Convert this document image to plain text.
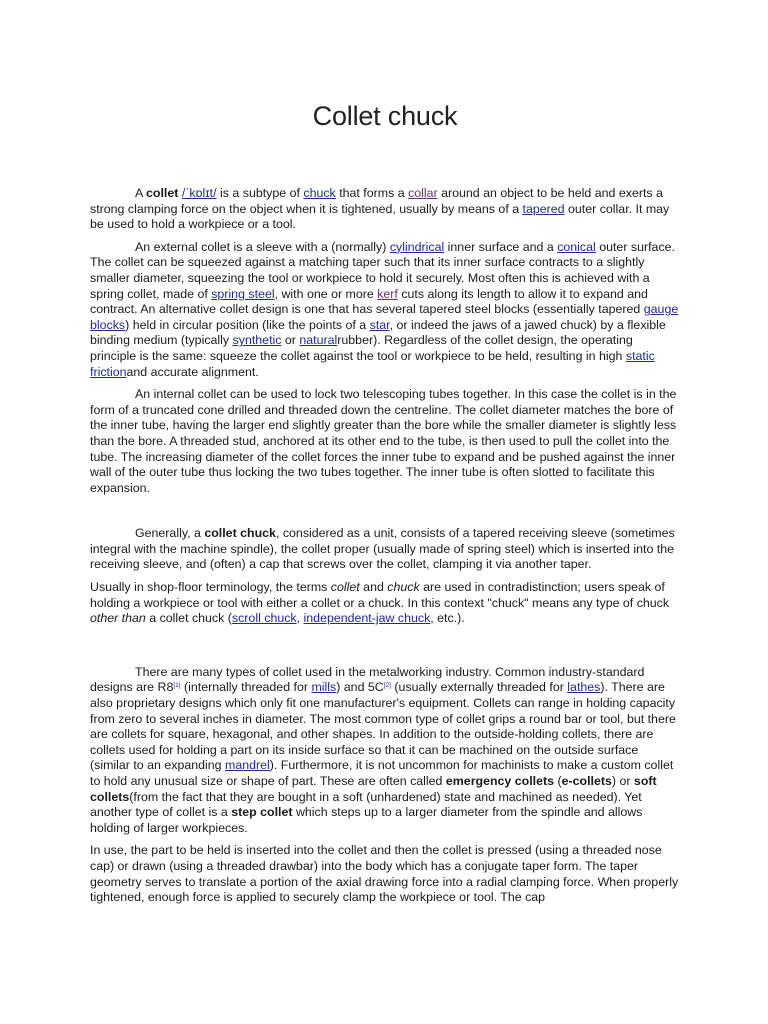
Collet chuck

A collet /ˈkɒlɪt/ is a subtype of chuck that forms a collar around an object to be held and exerts a strong clamping force on the object when it is tightened, usually by means of a tapered outer collar. It may be used to hold a workpiece or a tool.

An external collet is a sleeve with a (normally) cylindrical inner surface and a conical outer surface. The collet can be squeezed against a matching taper such that its inner surface contracts to a slightly smaller diameter, squeezing the tool or workpiece to hold it securely. Most often this is achieved with a spring collet, made of spring steel, with one or more kerf cuts along its length to allow it to expand and contract. An alternative collet design is one that has several tapered steel blocks (essentially tapered gauge blocks) held in circular position (like the points of a star, or indeed the jaws of a jawed chuck) by a flexible binding medium (typically synthetic or naturalrubber). Regardless of the collet design, the operating principle is the same: squeeze the collet against the tool or workpiece to be held, resulting in high static frictionand accurate alignment.

An internal collet can be used to lock two telescoping tubes together. In this case the collet is in the form of a truncated cone drilled and threaded down the centreline. The collet diameter matches the bore of the inner tube, having the larger end slightly greater than the bore while the smaller diameter is slightly less than the bore. A threaded stud, anchored at its other end to the tube, is then used to pull the collet into the tube. The increasing diameter of the collet forces the inner tube to expand and be pushed against the inner wall of the outer tube thus locking the two tubes together. The inner tube is often slotted to facilitate this expansion.

Generally, a collet chuck, considered as a unit, consists of a tapered receiving sleeve (sometimes integral with the machine spindle), the collet proper (usually made of spring steel) which is inserted into the receiving sleeve, and (often) a cap that screws over the collet, clamping it via another taper.

Usually in shop-floor terminology, the terms collet and chuck are used in contradistinction; users speak of holding a workpiece or tool with either a collet or a chuck. In this context "chuck" means any type of chuck other than a collet chuck (scroll chuck, independent-jaw chuck, etc.).

There are many types of collet used in the metalworking industry. Common industry-standard designs are R8[1] (internally threaded for mills) and 5C[2] (usually externally threaded for lathes). There are also proprietary designs which only fit one manufacturer's equipment. Collets can range in holding capacity from zero to several inches in diameter. The most common type of collet grips a round bar or tool, but there are collets for square, hexagonal, and other shapes. In addition to the outside-holding collets, there are collets used for holding a part on its inside surface so that it can be machined on the outside surface (similar to an expanding mandrel). Furthermore, it is not uncommon for machinists to make a custom collet to hold any unusual size or shape of part. These are often called emergency collets (e-collets) or soft collets(from the fact that they are bought in a soft (unhardened) state and machined as needed). Yet another type of collet is a step collet which steps up to a larger diameter from the spindle and allows holding of larger workpieces.

In use, the part to be held is inserted into the collet and then the collet is pressed (using a threaded nose cap) or drawn (using a threaded drawbar) into the body which has a conjugate taper form. The taper geometry serves to translate a portion of the axial drawing force into a radial clamping force. When properly tightened, enough force is applied to securely clamp the workpiece or tool. The cap
